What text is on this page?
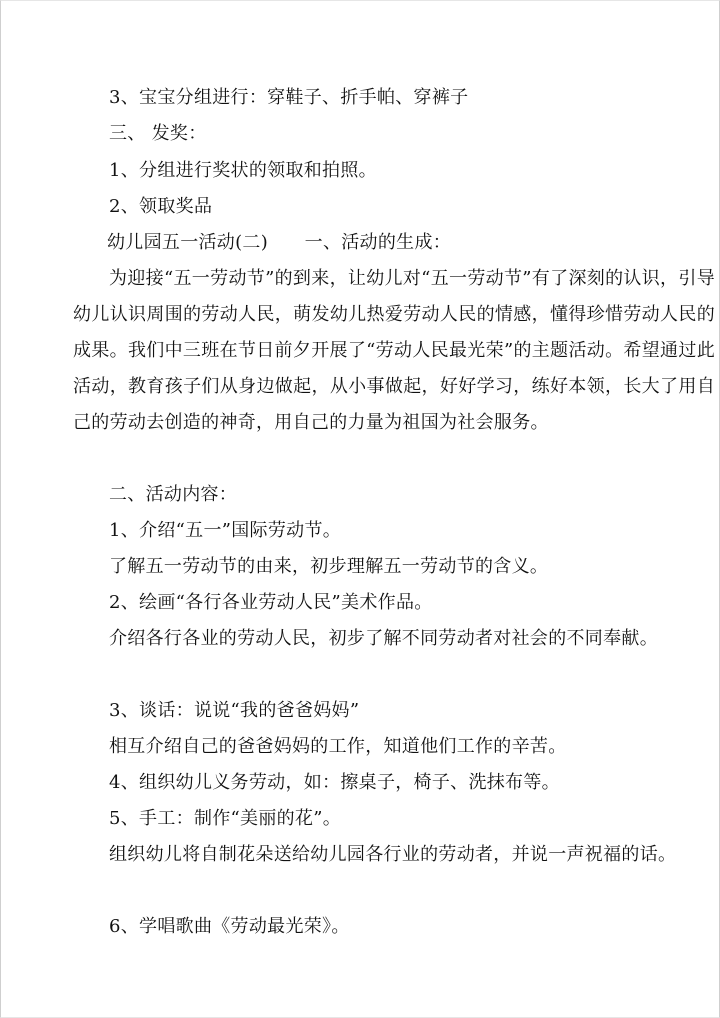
3、宝宝分组进行：穿鞋子、折手帕、穿裤子
三、 发奖：
1、分组进行奖状的领取和拍照。
2、领取奖品
幼儿园五一活动(二)　　一、活动的生成：
为迎接“五一劳动节”的到来，让幼儿对“五一劳动节”有了深刻的认识，引导幼儿认识周围的劳动人民，萌发幼儿热爱劳动人民的情感，懂得珍惜劳动人民的成果。我们中三班在节日前夕开展了“劳动人民最光荣”的主题活动。希望通过此活动，教育孩子们从身边做起，从小事做起，好好学习，练好本领，长大了用自己的劳动去创造的神奇，用自己的力量为祖国为社会服务。
二、活动内容：
1、介绍“五一”国际劳动节。
了解五一劳动节的由来，初步理解五一劳动节的含义。
2、绘画“各行各业劳动人民”美术作品。
介绍各行各业的劳动人民，初步了解不同劳动者对社会的不同奉献。
3、谈话：说说“我的爸爸妈妈”
相互介绍自己的爸爸妈妈的工作，知道他们工作的辛苦。
4、组织幼儿义务劳动，如：擦桌子，椅子、洗抹布等。
5、手工：制作“美丽的花”。
组织幼儿将自制花朵送给幼儿园各行业的劳动者，并说一声祝福的话。
6、学唱歌曲《劳动最光荣》。
